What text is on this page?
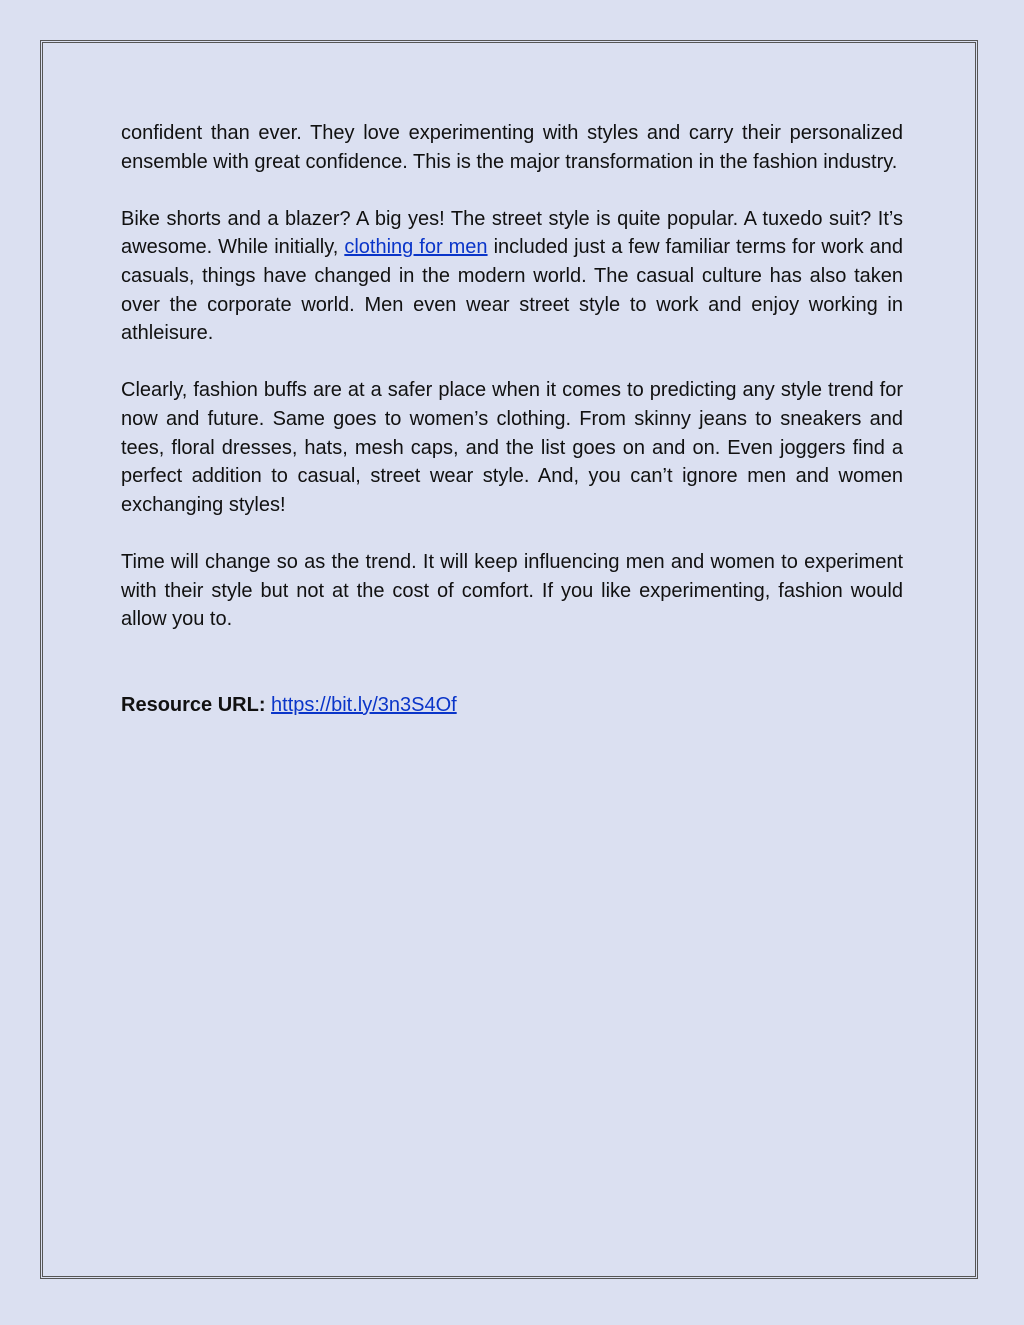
confident than ever. They love experimenting with styles and carry their personalized ensemble with great confidence. This is the major transformation in the fashion industry.

Bike shorts and a blazer? A big yes! The street style is quite popular. A tuxedo suit? It’s awesome. While initially, clothing for men included just a few familiar terms for work and casuals, things have changed in the modern world. The casual culture has also taken over the corporate world. Men even wear street style to work and enjoy working in athleisure.

Clearly, fashion buffs are at a safer place when it comes to predicting any style trend for now and future. Same goes to women’s clothing. From skinny jeans to sneakers and tees, floral dresses, hats, mesh caps, and the list goes on and on. Even joggers find a perfect addition to casual, street wear style. And, you can’t ignore men and women exchanging styles!

Time will change so as the trend. It will keep influencing men and women to experiment with their style but not at the cost of comfort. If you like experimenting, fashion would allow you to.

Resource URL: https://bit.ly/3n3S4Of
